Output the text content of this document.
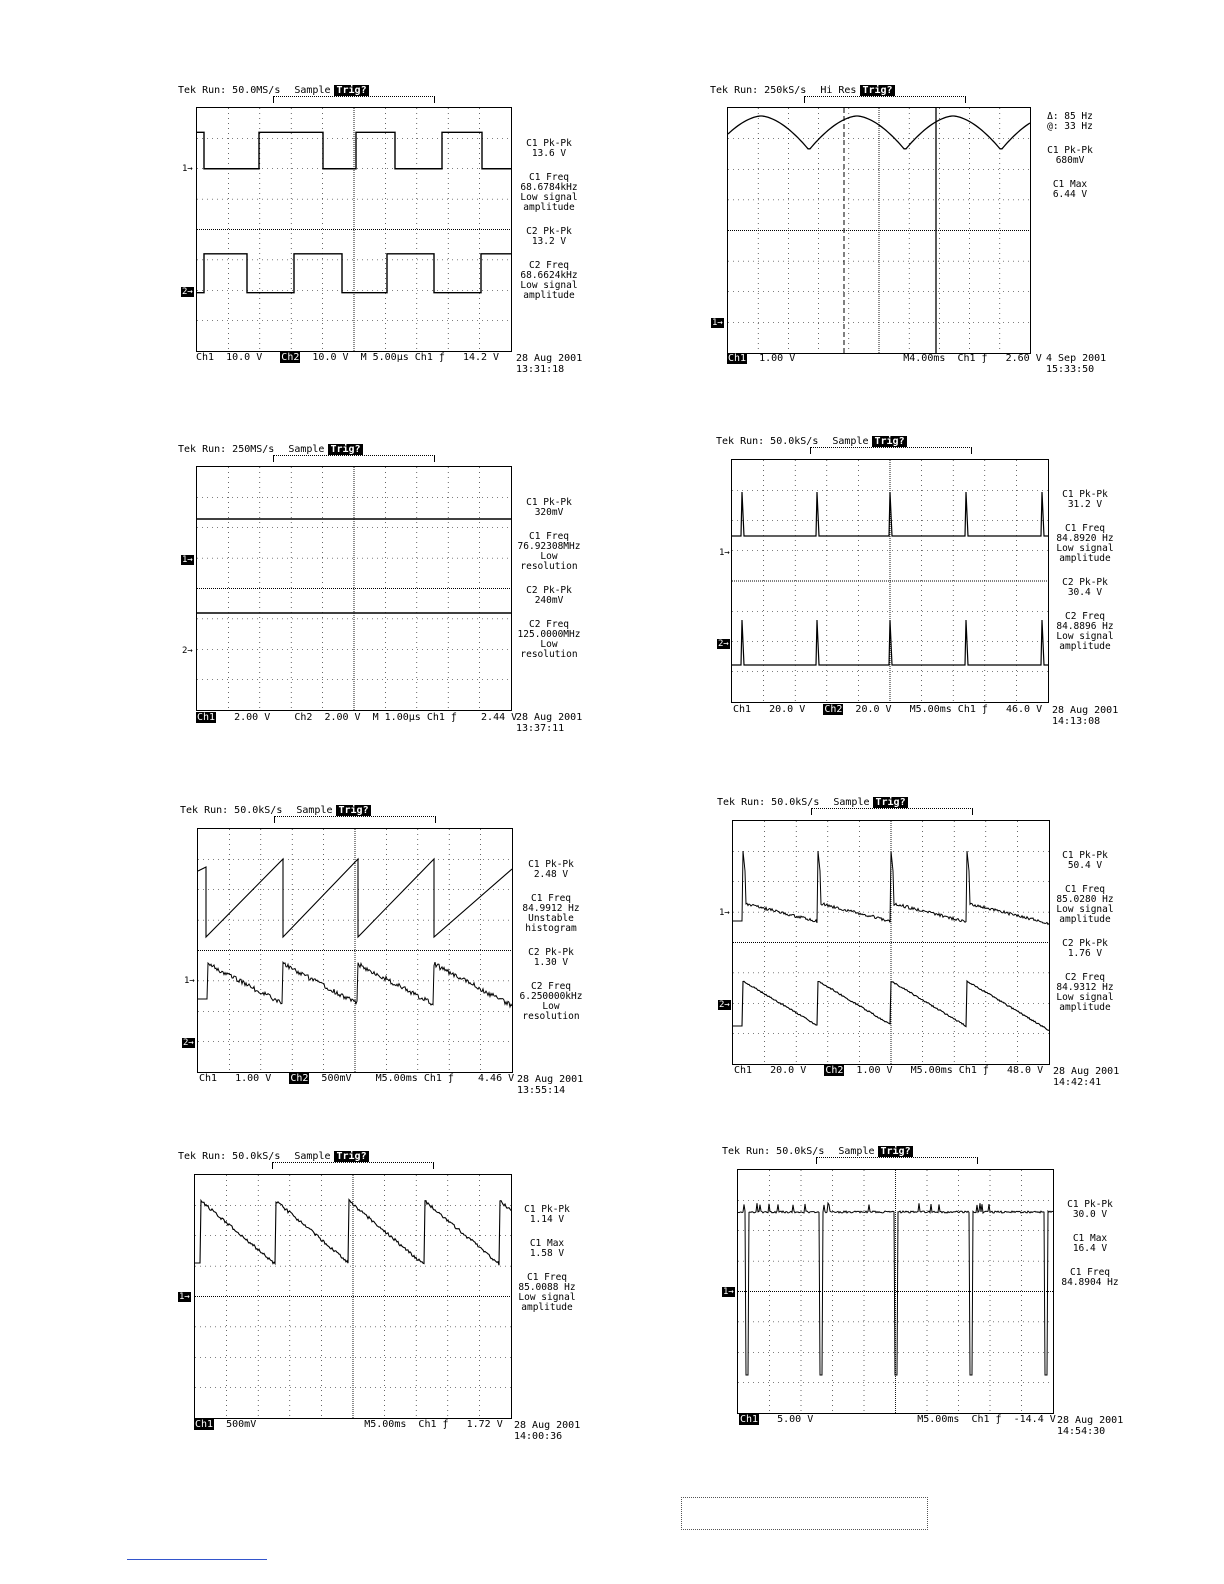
Tek Run: 50.0MS/s Sample Trig?
1→
2→
C1 Pk-Pk
13.6 V
C1 Freq
68.6784kHz
Low signal
amplitude
C2 Pk-Pk
13.2 V
C2 Freq
68.6624kHz
Low signal
amplitude
Ch1 10.0 V Ch2 10.0 V M 5.00µs Ch1 ƒ 14.2 V 28 Aug 2001
13:31:18
Tek Run: 250kS/s Hi Res Trig?
1→
Δ: 85 Hz
@: 33 Hz
C1 Pk-Pk
680mV
C1 Max
6.44 V
Ch1 1.00 V	M4.00ms Ch1 ƒ 2.60 V 4 Sep 2001
15:33:50
Tek Run: 250MS/s Sample Trig?
1→
2→
C1 Pk-Pk
320mV
C1 Freq
76.92308MHz
Low
resolution
C2 Pk-Pk
240mV
C2 Freq
125.0000MHz
Low
resolution
Ch1 2.00 V Ch2 2.00 V M 1.00µs Ch1 ƒ 2.44 V
28 Aug 2001
13:37:11
Tek Run: 50.0kS/s Sample Trig?
1→
2→
C1 Pk-Pk
31.2 V
C1 Freq
84.8920 Hz
Low signal
amplitude
C2 Pk-Pk
30.4 V
C2 Freq
84.8896 Hz
Low signal
amplitude
Ch1 20.0 V Ch2 20.0 V M5.00ms Ch1 ƒ 46.0 V 28 Aug 2001
14:13:08
Tek Run: 50.0kS/s Sample Trig?
1→
2→
C1 Pk-Pk
2.48 V
C1 Freq
84.9912 Hz
Unstable
histogram
C2 Pk-Pk
1.30 V
C2 Freq
6.250000kHz
Low
resolution
Ch1 1.00 V Ch2 500mV M5.00ms Ch1 ƒ 4.46 V 28 Aug 2001
13:55:14
Tek Run: 50.0kS/s Sample Trig?
1→
2→
C1 Pk-Pk
50.4 V
C1 Freq
85.0280 Hz
Low signal
amplitude
C2 Pk-Pk
1.76 V
C2 Freq
84.9312 Hz
Low signal
amplitude
Ch1 20.0 V Ch2 1.00 V M5.00ms Ch1 ƒ 48.0 V 28 Aug 2001
14:42:41
Tek Run: 50.0kS/s Sample Trig?
1→
C1 Pk-Pk
1.14 V
C1 Max
1.58 V
C1 Freq
85.0088 Hz
Low signal
amplitude
Ch1 500mV	M5.00ms Ch1 ƒ 1.72 V 28 Aug 2001
14:00:36
Tek Run: 50.0kS/s Sample Trig?
1→
C1 Pk-Pk
30.0 V
C1 Max
16.4 V
C1 Freq
84.8904 Hz
Ch1 5.00 V	M5.00ms Ch1 ƒ -14.4 V 28 Aug 2001
14:54:30
